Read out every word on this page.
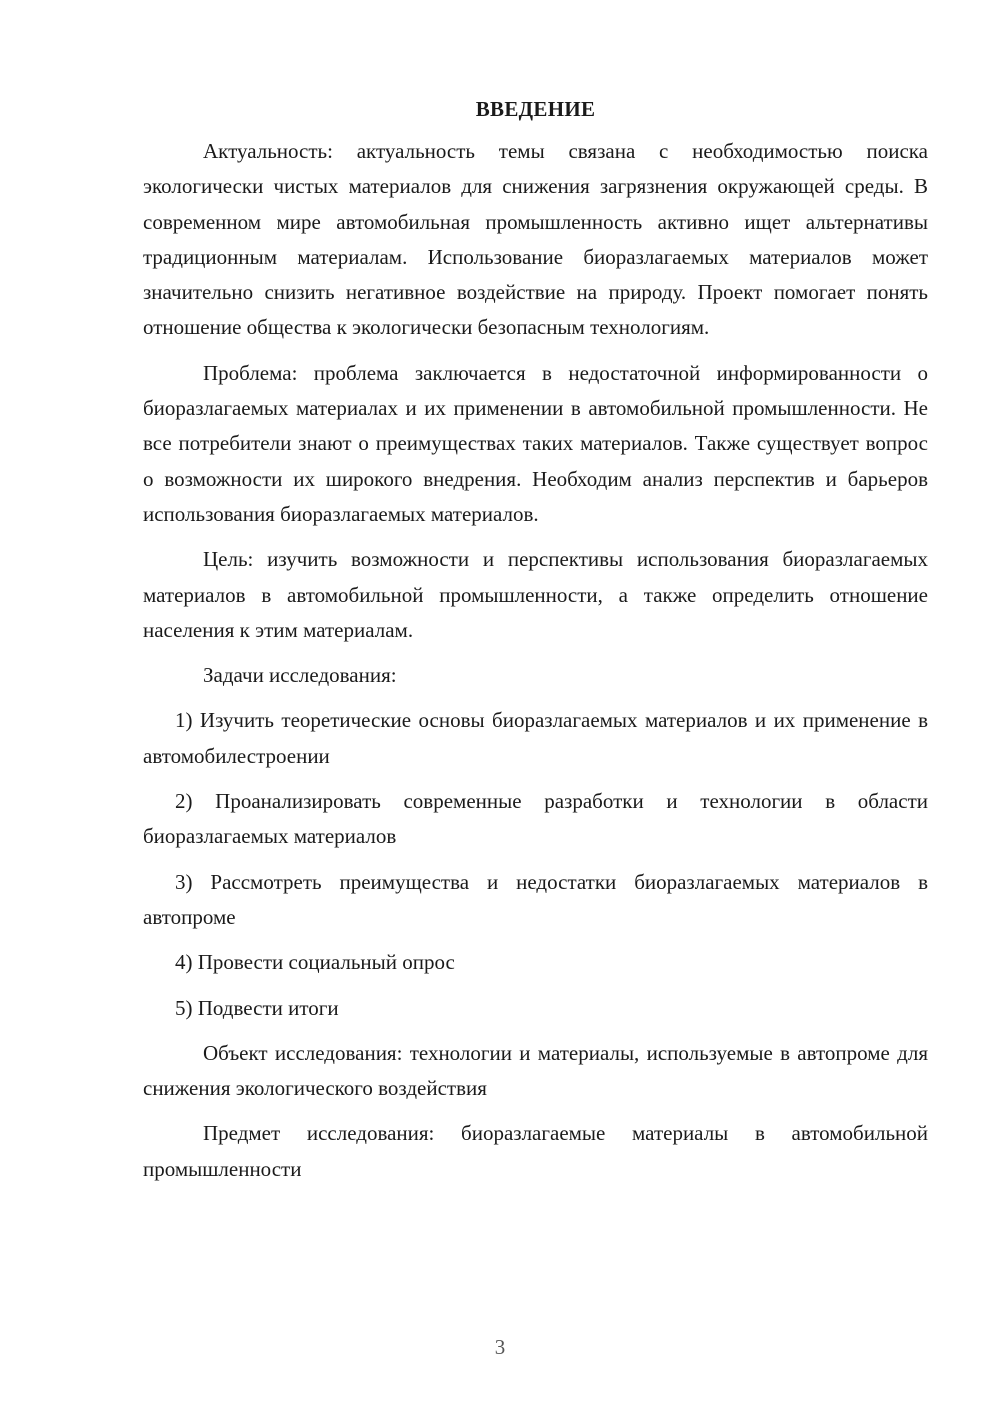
ВВЕДЕНИЕ

Актуальность: актуальность темы связана с необходимостью поиска экологически чистых материалов для снижения загрязнения окружающей среды. В современном мире автомобильная промышленность активно ищет альтернативы традиционным материалам. Использование биоразлагаемых материалов может значительно снизить негативное воздействие на природу. Проект помогает понять отношение общества к экологически безопасным технологиям.

Проблема: проблема заключается в недостаточной информированности о биоразлагаемых материалах и их применении в автомобильной промышленности. Не все потребители знают о преимуществах таких материалов. Также существует вопрос о возможности их широкого внедрения. Необходим анализ перспектив и барьеров использования биоразлагаемых материалов.

Цель: изучить возможности и перспективы использования биоразлагаемых материалов в автомобильной промышленности, а также определить отношение населения к этим материалам.

Задачи исследования:

1) Изучить теоретические основы биоразлагаемых материалов и их применение в автомобилестроении

2) Проанализировать современные разработки и технологии в области биоразлагаемых материалов

3) Рассмотреть преимущества и недостатки биоразлагаемых материалов в автопроме

4) Провести социальный опрос

5) Подвести итоги

Объект исследования: технологии и материалы, используемые в автопроме для снижения экологического воздействия

Предмет исследования: биоразлагаемые материалы в автомобильной промышленности

3
